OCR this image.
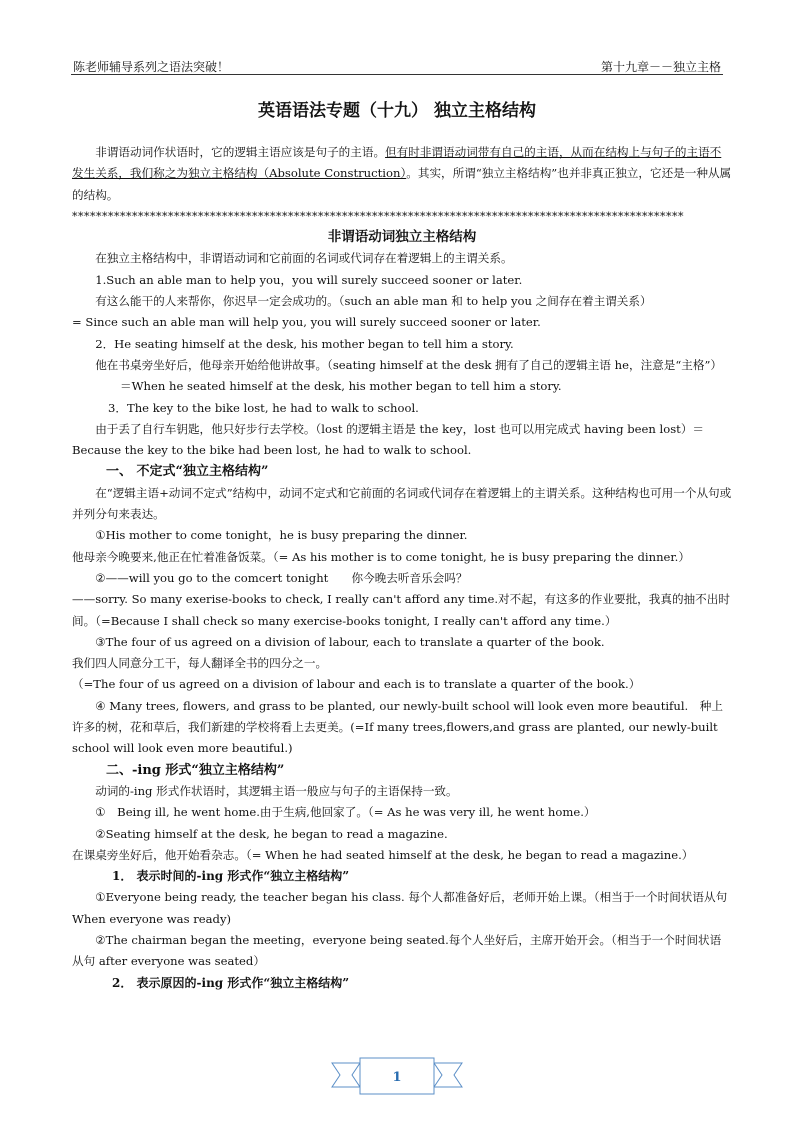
陈老师辅导系列之语法突破！	第十九章－－独立主格
英语语法专题（十九） 独立主格结构

非谓语动词作状语时，它的逻辑主语应该是句子的主语。但有时非谓语动词带有自己的主语，从而在结构上与句子的主语不发生关系，我们称之为独立主格结构（Absolute Construction）。其实，所谓“独立主格结构”也并非真正独立，它还是一种从属的结构。

******************************************************************************************************

非谓语动词独立主格结构

在独立主格结构中，非谓语动词和它前面的名词或代词存在着逻辑上的主谓关系。

1.Such an able man to help you，you will surely succeed sooner or later.

有这么能干的人来帮你，你迟早一定会成功的。（such an able man 和 to help you 之间存在着主谓关系）

= Since such an able man will help you, you will surely succeed sooner or later.

2．He seating himself at the desk, his mother began to tell him a story.

他在书桌旁坐好后，他母亲开始给他讲故事。（seating himself at the desk 拥有了自己的逻辑主语 he，注意是“主格”）

＝When he seated himself at the desk, his mother began to tell him a story.

3．The key to the bike lost, he had to walk to school.

由于丢了自行车钥匙，他只好步行去学校。（lost 的逻辑主语是 the key，lost 也可以用完成式 having been lost）＝Because the key to the bike had been lost, he had to walk to school.

一、 不定式“独立主格结构”

在“逻辑主语+动词不定式”结构中，动词不定式和它前面的名词或代词存在着逻辑上的主谓关系。这种结构也可用一个从句或并列分句来表达。

①His mother to come tonight，he is busy preparing the dinner.

他母亲今晚要来,他正在忙着准备饭菜。（= As his mother is to come tonight, he is busy preparing the dinner.）

②——will you go to the comcert tonight　　你今晚去听音乐会吗？

——sorry. So many exerise-books to check, I really can't afford any time.对不起，有这多的作业要批，我真的抽不出时间。（=Because I shall check so many exercise-books tonight, I really can't afford any time.）

③The four of us agreed on a division of labour, each to translate a quarter of the book.

我们四人同意分工干，每人翻译全书的四分之一。

（=The four of us agreed on a division of labour and each is to translate a quarter of the book.）

④ Many trees, flowers, and grass to be planted, our newly-built school will look even more beautiful.　种上许多的树，花和草后，我们新建的学校将看上去更美。(=If many trees,flowers,and grass are planted, our newly-built school will look even more beautiful.)

二、-ing 形式“独立主格结构”

动词的-ing 形式作状语时，其逻辑主语一般应与句子的主语保持一致。

①　Being ill, he went home.由于生病,他回家了。（= As he was very ill, he went home.）

②Seating himself at the desk, he began to read a magazine.

在课桌旁坐好后，他开始看杂志。（= When he had seated himself at the desk, he began to read a magazine.）

1． 表示时间的-ing 形式作“独立主格结构”

①Everyone being ready, the teacher began his class. 每个人都准备好后，老师开始上课。（相当于一个时间状语从句 When everyone was ready)

②The chairman began the meeting，everyone being seated.每个人坐好后，主席开始开会。（相当于一个时间状语从句 after everyone was seated）

2． 表示原因的-ing 形式作“独立主格结构”

1
